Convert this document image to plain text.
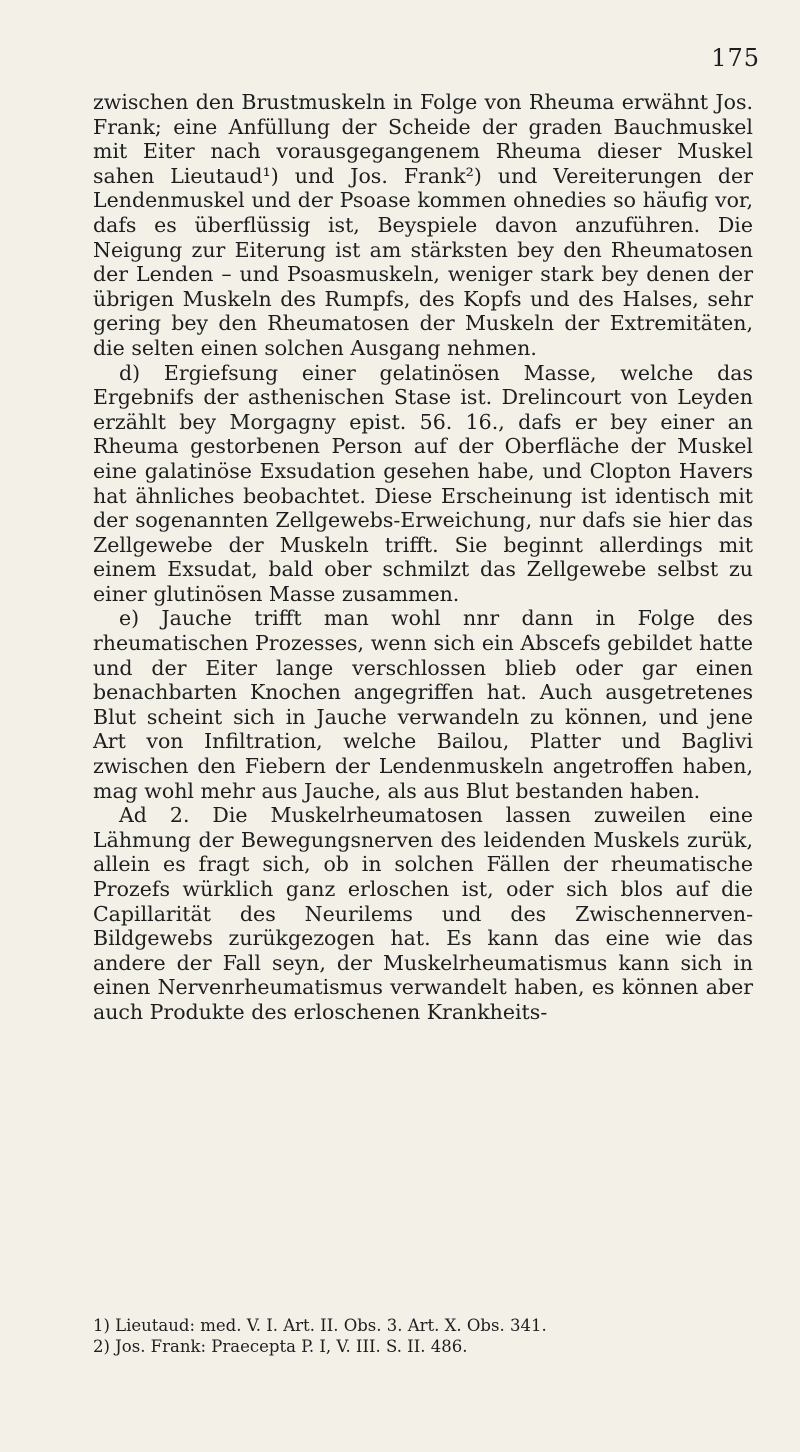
175

zwischen den Brustmuskeln in Folge von Rheuma erwähnt Jos. Frank; eine Anfüllung der Scheide der graden Bauchmuskel mit Eiter nach vorausgegangenem Rheuma dieser Muskel sahen Lieutaud¹) und Jos. Frank²) und Vereiterungen der Lendenmuskel und der Psoase kommen ohnedies so häufig vor, dafs es überflüssig ist, Beyspiele davon anzuführen. Die Neigung zur Eiterung ist am stärksten bey den Rheumatosen der Lenden – und Psoasmuskeln, weniger stark bey denen der übrigen Muskeln des Rumpfs, des Kopfs und des Halses, sehr gering bey den Rheumatosen der Muskeln der Extremitäten, die selten einen solchen Ausgang nehmen.

d) Ergiefsung einer gelatinösen Masse, welche das Ergebnifs der asthenischen Stase ist. Drelincourt von Leyden erzählt bey Morgagny epist. 56. 16., dafs er bey einer an Rheuma gestorbenen Person auf der Oberfläche der Muskel eine galatinöse Exsudation gesehen habe, und Clopton Havers hat ähnliches beobachtet. Diese Erscheinung ist identisch mit der sogenannten Zellgewebs-Erweichung, nur dafs sie hier das Zellgewebe der Muskeln trifft. Sie beginnt allerdings mit einem Exsudat, bald ober schmilzt das Zellgewebe selbst zu einer glutinösen Masse zusammen.

e) Jauche trifft man wohl nnr dann in Folge des rheumatischen Prozesses, wenn sich ein Abscefs gebildet hatte und der Eiter lange verschlossen blieb oder gar einen benachbarten Knochen angegriffen hat. Auch ausgetretenes Blut scheint sich in Jauche verwandeln zu können, und jene Art von Infiltration, welche Bailou, Platter und Baglivi zwischen den Fiebern der Lendenmuskeln angetroffen haben, mag wohl mehr aus Jauche, als aus Blut bestanden haben.

Ad 2. Die Muskelrheumatosen lassen zuweilen eine Lähmung der Bewegungsnerven des leidenden Muskels zurük, allein es fragt sich, ob in solchen Fällen der rheumatische Prozefs würklich ganz erloschen ist, oder sich blos auf die Capillarität des Neurilems und des Zwischennerven-Bildgewebs zurükgezogen hat. Es kann das eine wie das andere der Fall seyn, der Muskelrheumatismus kann sich in einen Nervenrheumatismus verwandelt haben, es können aber auch Produkte des erloschenen Krankheits-

1) Lieutaud: med. V. I. Art. II. Obs. 3. Art. X. Obs. 341.

2) Jos. Frank: Praecepta P. I, V. III. S. II. 486.
